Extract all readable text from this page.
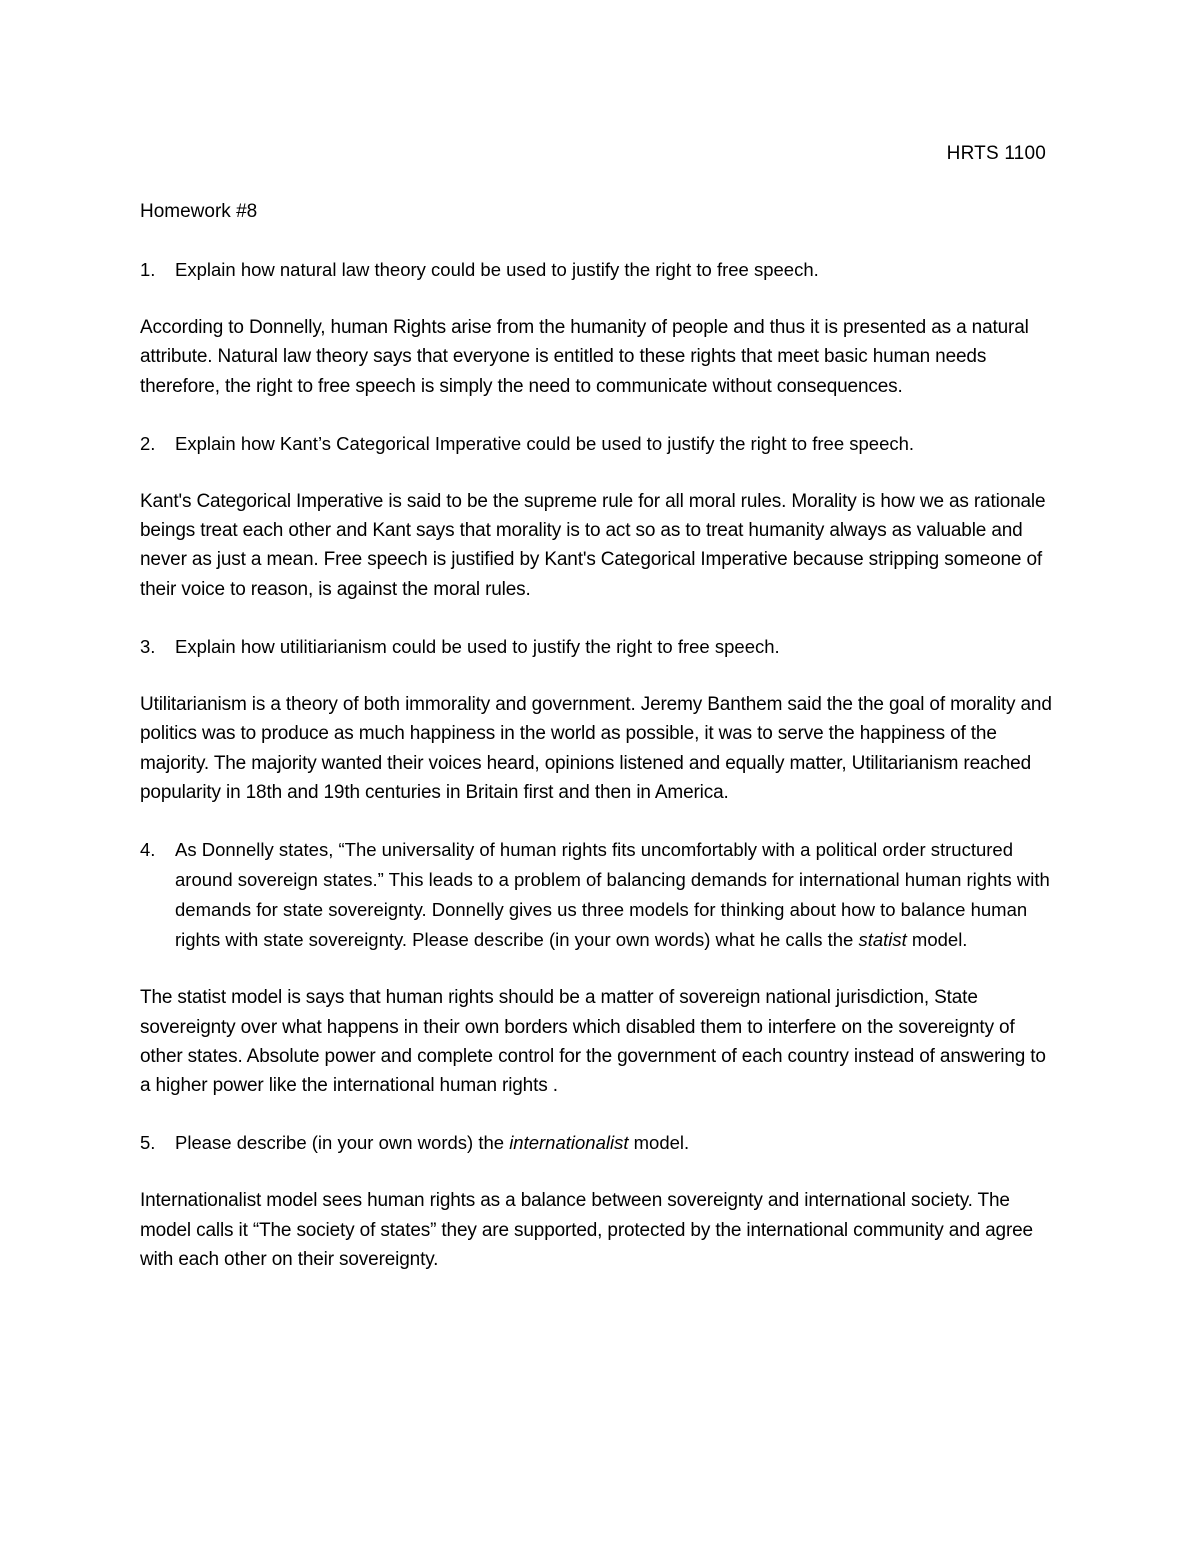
HRTS 1100
Homework #8
1.	Explain how natural law theory could be used to justify the right to free speech.

According to Donnelly, human Rights arise from the humanity of people and thus it is presented as a natural attribute. Natural law theory says that everyone is entitled to these rights that meet basic human needs therefore, the right to free speech is simply the need to communicate without consequences.

2.	Explain how Kant’s Categorical Imperative could be used to justify the right to free speech.

Kant's Categorical Imperative is said to be the supreme rule for all moral rules. Morality is how we as rationale beings treat each other and Kant says that morality is to act so as to treat humanity always as valuable and never as just a mean. Free speech is justified by Kant's Categorical Imperative because stripping someone of their voice to reason, is against the moral rules.

3.	Explain how utilitiarianism could be used to justify the right to free speech.

Utilitarianism is a theory of both immorality and government. Jeremy Banthem said the the goal of morality and politics was to produce as much happiness in the world as possible, it was to serve the happiness of the majority. The majority wanted their voices heard, opinions listened and equally matter, Utilitarianism reached popularity in 18th and 19th centuries in Britain first and then in America.

4.	As Donnelly states, “The universality of human rights fits uncomfortably with a political order structured around sovereign states.” This leads to a problem of balancing demands for international human rights with demands for state sovereignty. Donnelly gives us three models for thinking about how to balance human rights with state sovereignty. Please describe (in your own words) what he calls the statist model.

The statist model is says that human rights should be a matter of sovereign national jurisdiction, State sovereignty over what happens in their own borders which disabled them to interfere on the sovereignty of other states. Absolute power and complete control for the government of each country instead of answering to a higher power like the international human rights .

5.	Please describe (in your own words) the internationalist model.

Internationalist model sees human rights as a balance between sovereignty and international society. The model calls it “The society of states” they are supported, protected by the international community and agree with each other on their sovereignty.
